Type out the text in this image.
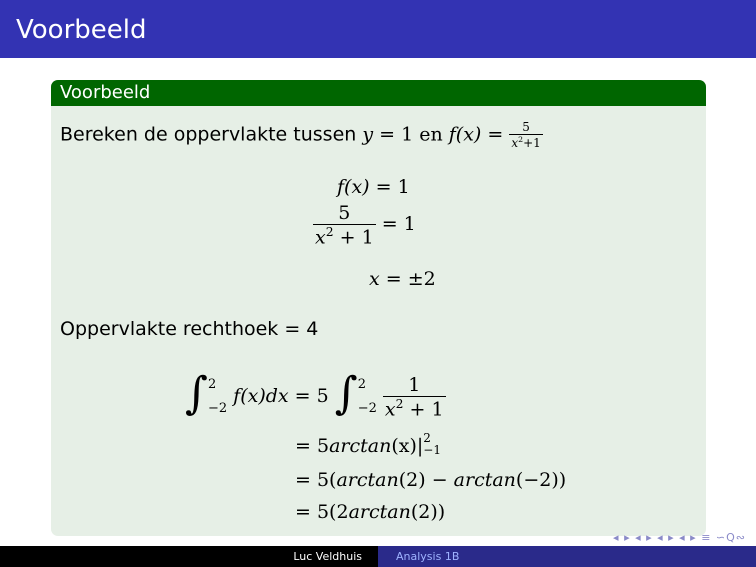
Voorbeeld
Voorbeeld
Bereken de oppervlakte tussen y = 1 en $f(x) = \frac{5}{x^2+1}$
f(x) = 1
$\frac{5}{x^2 + 1} = 1$
x = ±2
Oppervlakte rechthoek = 4
∫ 2
−2
f(x)dx = 5 ∫ 2
−2
$\frac{1}{x^2 + 1}$
= 5arctan(x)| 2
−1
= 5(arctan(2) − arctan(−2))
= 5(2arctan(2))
◂ ▸ ◂ ▸ ◂ ▸ ◂ ▸ ≡ ∽Q∾
Luc Veldhuis	Analysis 1B
